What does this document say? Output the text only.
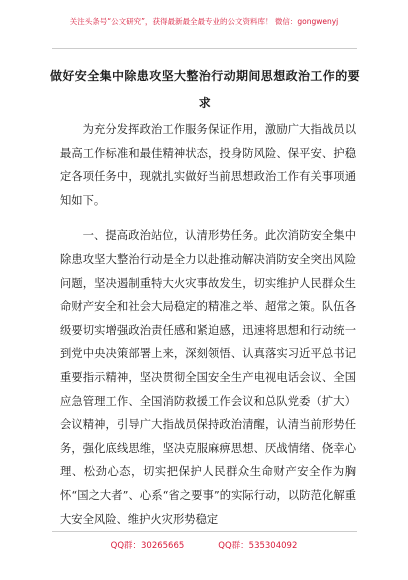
关注头条号“公文研究”，获得最新最全最专业的公文资料库！ 微信：gongwenyj
做好安全集中除患攻坚大整治行动期间思想政治工作的要求

为充分发挥政治工作服务保证作用，激励广大指战员以最高工作标准和最佳精神状态，投身防风险、保平安、护稳定各项任务中，现就扎实做好当前思想政治工作有关事项通知如下。

一、提高政治站位，认清形势任务。此次消防安全集中除患攻坚大整治行动是全力以赴推动解决消防安全突出风险问题，坚决遏制重特大火灾事故发生，切实维护人民群众生命财产安全和社会大局稳定的精准之举、超常之策。队伍各级要切实增强政治责任感和紧迫感，迅速将思想和行动统一到党中央决策部署上来，深刻领悟、认真落实习近平总书记重要指示精神，坚决贯彻全国安全生产电视电话会议、全国应急管理工作、全国消防救援工作会议和总队党委（扩大）会议精神，引导广大指战员保持政治清醒，认清当前形势任务，强化底线思维，坚决克服麻痹思想、厌战情绪、侥幸心理、松劲心态，切实把保护人民群众生命财产安全作为胸怀“国之大者”、心系“省之要事”的实际行动，以防范化解重大安全风险、维护火灾形势稳定

QQ群：30265665	QQ群：535304092
